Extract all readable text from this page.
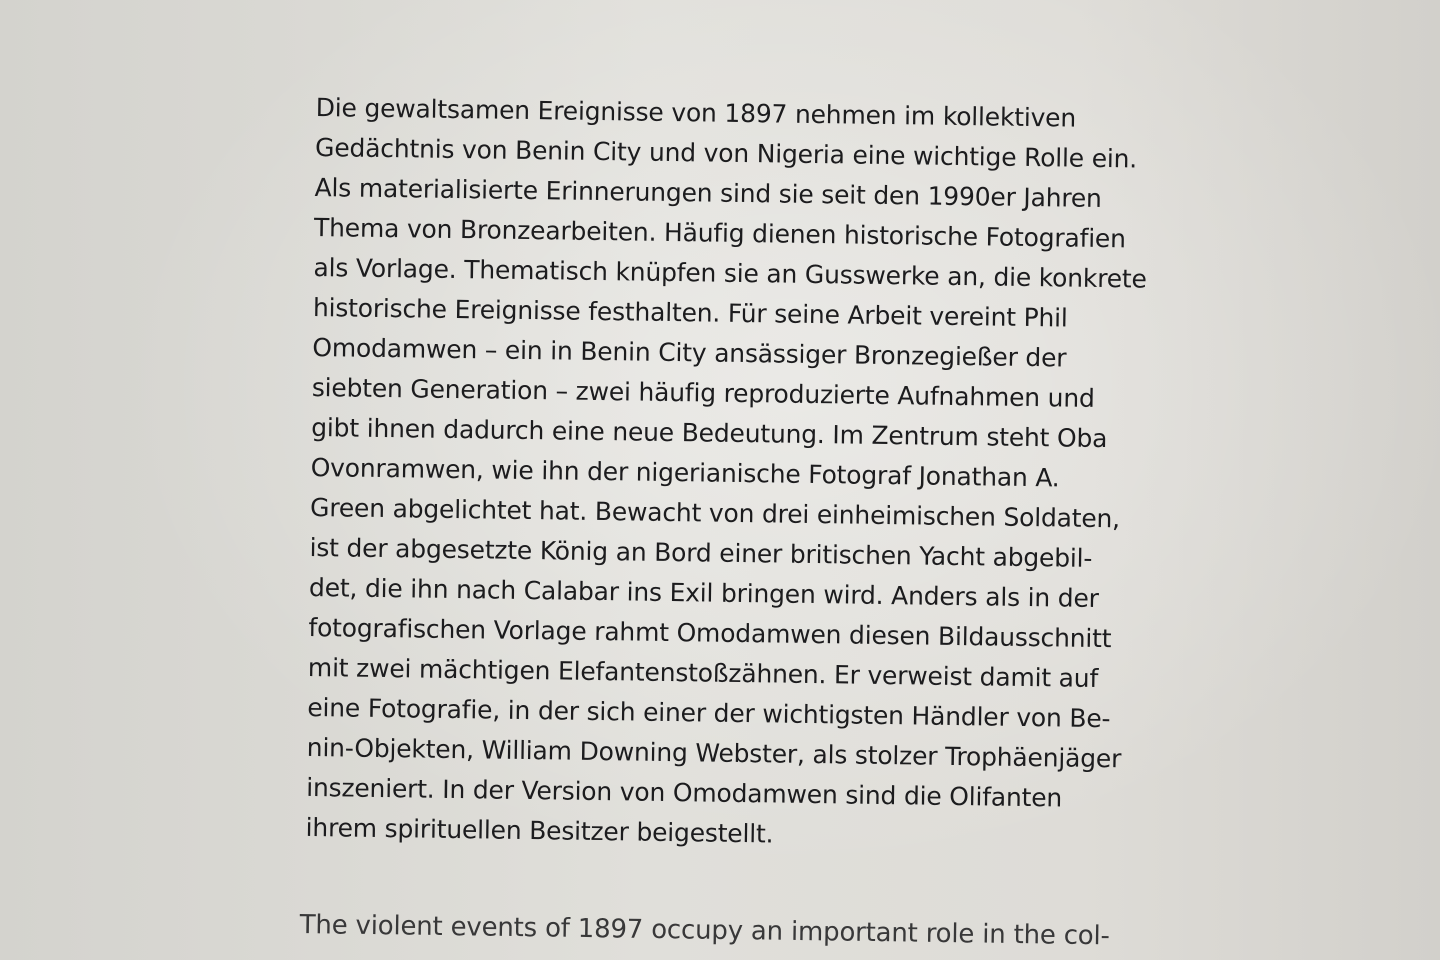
Die gewaltsamen Ereignisse von 1897 nehmen im kollektiven
Gedächtnis von Benin City und von Nigeria eine wichtige Rolle ein.
Als materialisierte Erinnerungen sind sie seit den 1990er Jahren
Thema von Bronzearbeiten. Häufig dienen historische Fotografien
als Vorlage. Thematisch knüpfen sie an Gusswerke an, die konkrete
historische Ereignisse festhalten. Für seine Arbeit vereint Phil
Omodamwen – ein in Benin City ansässiger Bronzegießer der
siebten Generation – zwei häufig reproduzierte Aufnahmen und
gibt ihnen dadurch eine neue Bedeutung. Im Zentrum steht Oba
Ovonramwen, wie ihn der nigerianische Fotograf Jonathan A.
Green abgelichtet hat. Bewacht von drei einheimischen Soldaten,
ist der abgesetzte König an Bord einer britischen Yacht abgebil-
det, die ihn nach Calabar ins Exil bringen wird. Anders als in der
fotografischen Vorlage rahmt Omodamwen diesen Bildausschnitt
mit zwei mächtigen Elefantenstoßzähnen. Er verweist damit auf
eine Fotografie, in der sich einer der wichtigsten Händler von Be-
nin-Objekten, William Downing Webster, als stolzer Trophäenjäger
inszeniert. In der Version von Omodamwen sind die Olifanten
ihrem spirituellen Besitzer beigestellt.
The violent events of 1897 occupy an important role in the col-
